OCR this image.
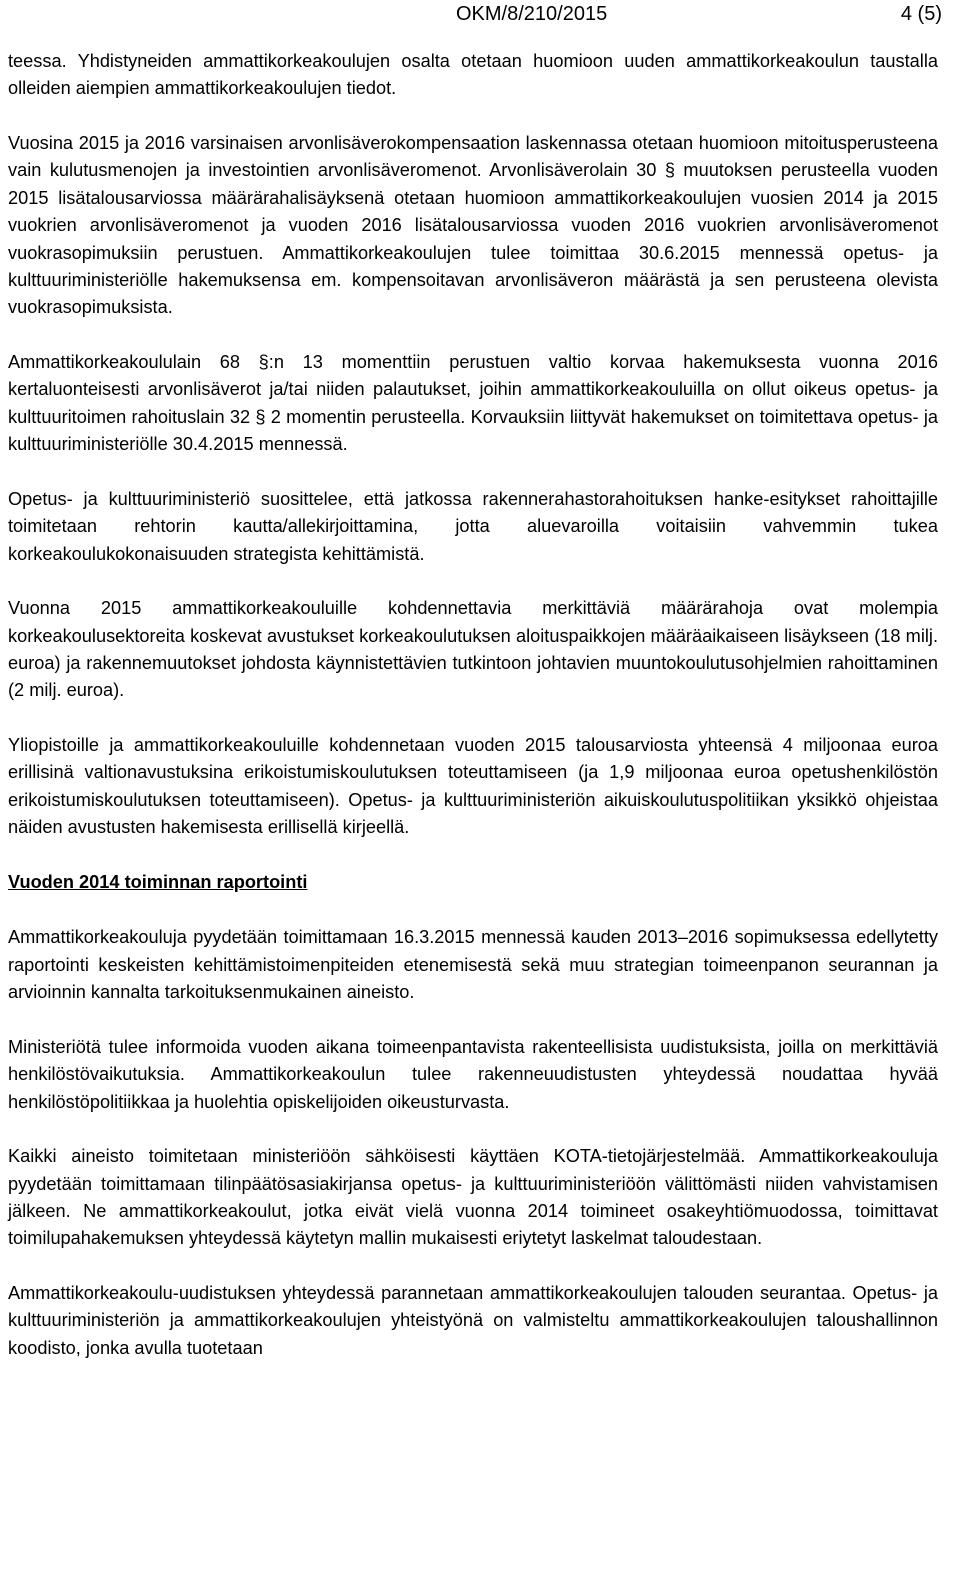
OKM/8/210/2015	4 (5)

teessa. Yhdistyneiden ammattikorkeakoulujen osalta otetaan huomioon uuden ammattikorkeakoulun taustalla olleiden aiempien ammattikorkeakoulujen tiedot.

Vuosina 2015 ja 2016 varsinaisen arvonlisäverokompensaation laskennassa otetaan huomioon mitoitusperusteena vain kulutusmenojen ja investointien arvonlisäveromenot. Arvonlisäverolain 30 § muutoksen perusteella vuoden 2015 lisätalousarviossa määrärahalisäyksenä otetaan huomioon ammattikorkeakoulujen vuosien 2014 ja 2015 vuokrien arvonlisäveromenot ja vuoden 2016 lisätalousarviossa vuoden 2016 vuokrien arvonlisäveromenot vuokrasopimuksiin perustuen. Ammattikorkeakoulujen tulee toimittaa 30.6.2015 mennessä opetus- ja kulttuuriministeriölle hakemuksensa em. kompensoitavan arvonlisäveron määrästä ja sen perusteena olevista vuokrasopimuksista.

Ammattikorkeakoululain 68 §:n 13 momenttiin perustuen valtio korvaa hakemuksesta vuonna 2016 kertaluonteisesti arvonlisäverot ja/tai niiden palautukset, joihin ammattikorkeakouluilla on ollut oikeus opetus- ja kulttuuritoimen rahoituslain 32 § 2 momentin perusteella. Korvauksiin liittyvät hakemukset on toimitettava opetus- ja kulttuuriministeriölle 30.4.2015 mennessä.

Opetus- ja kulttuuriministeriö suosittelee, että jatkossa rakennerahastorahoituksen hanke-esitykset rahoittajille toimitetaan rehtorin kautta/allekirjoittamina, jotta aluevaroilla voitaisiin vahvemmin tukea korkeakoulukokonaisuuden strategista kehittämistä.

Vuonna 2015 ammattikorkeakouluille kohdennettavia merkittäviä määrärahoja ovat molempia korkeakoulusektoreita koskevat avustukset korkeakoulutuksen aloituspaikkojen määräaikaiseen lisäykseen (18 milj. euroa) ja rakennemuutokset johdosta käynnistettävien tutkintoon johtavien muuntokoulutusohjelmien rahoittaminen (2 milj. euroa).

Yliopistoille ja ammattikorkeakouluille kohdennetaan vuoden 2015 talousarviosta yhteensä 4 miljoonaa euroa erillisinä valtionavustuksina erikoistumiskoulutuksen toteuttamiseen (ja 1,9 miljoonaa euroa opetushenkilöstön erikoistumiskoulutuksen toteuttamiseen). Opetus- ja kulttuuriministeriön aikuiskoulutuspolitiikan yksikkö ohjeistaa näiden avustusten hakemisesta erillisellä kirjeellä.

Vuoden 2014 toiminnan raportointi

Ammattikorkeakouluja pyydetään toimittamaan 16.3.2015 mennessä kauden 2013–2016 sopimuksessa edellytetty raportointi keskeisten kehittämistoimenpiteiden etenemisestä sekä muu strategian toimeenpanon seurannan ja arvioinnin kannalta tarkoituksenmukainen aineisto.

Ministeriötä tulee informoida vuoden aikana toimeenpantavista rakenteellisista uudistuksista, joilla on merkittäviä henkilöstövaikutuksia. Ammattikorkeakoulun tulee rakenneuudistusten yhteydessä noudattaa hyvää henkilöstöpolitiikkaa ja huolehtia opiskelijoiden oikeusturvasta.

Kaikki aineisto toimitetaan ministeriöön sähköisesti käyttäen KOTA-tietojärjestelmää. Ammattikorkeakouluja pyydetään toimittamaan tilinpäätösasiakirjansa opetus- ja kulttuuriministeriöön välittömästi niiden vahvistamisen jälkeen. Ne ammattikorkeakoulut, jotka eivät vielä vuonna 2014 toimineet osakeyhtiömuodossa, toimittavat toimilupahakemuksen yhteydessä käytetyn mallin mukaisesti eriytetyt laskelmat taloudestaan.

Ammattikorkeakoulu-uudistuksen yhteydessä parannetaan ammattikorkeakoulujen talouden seurantaa. Opetus- ja kulttuuriministeriön ja ammattikorkeakoulujen yhteistyönä on valmisteltu ammattikorkeakoulujen taloushallinnon koodisto, jonka avulla tuotetaan
